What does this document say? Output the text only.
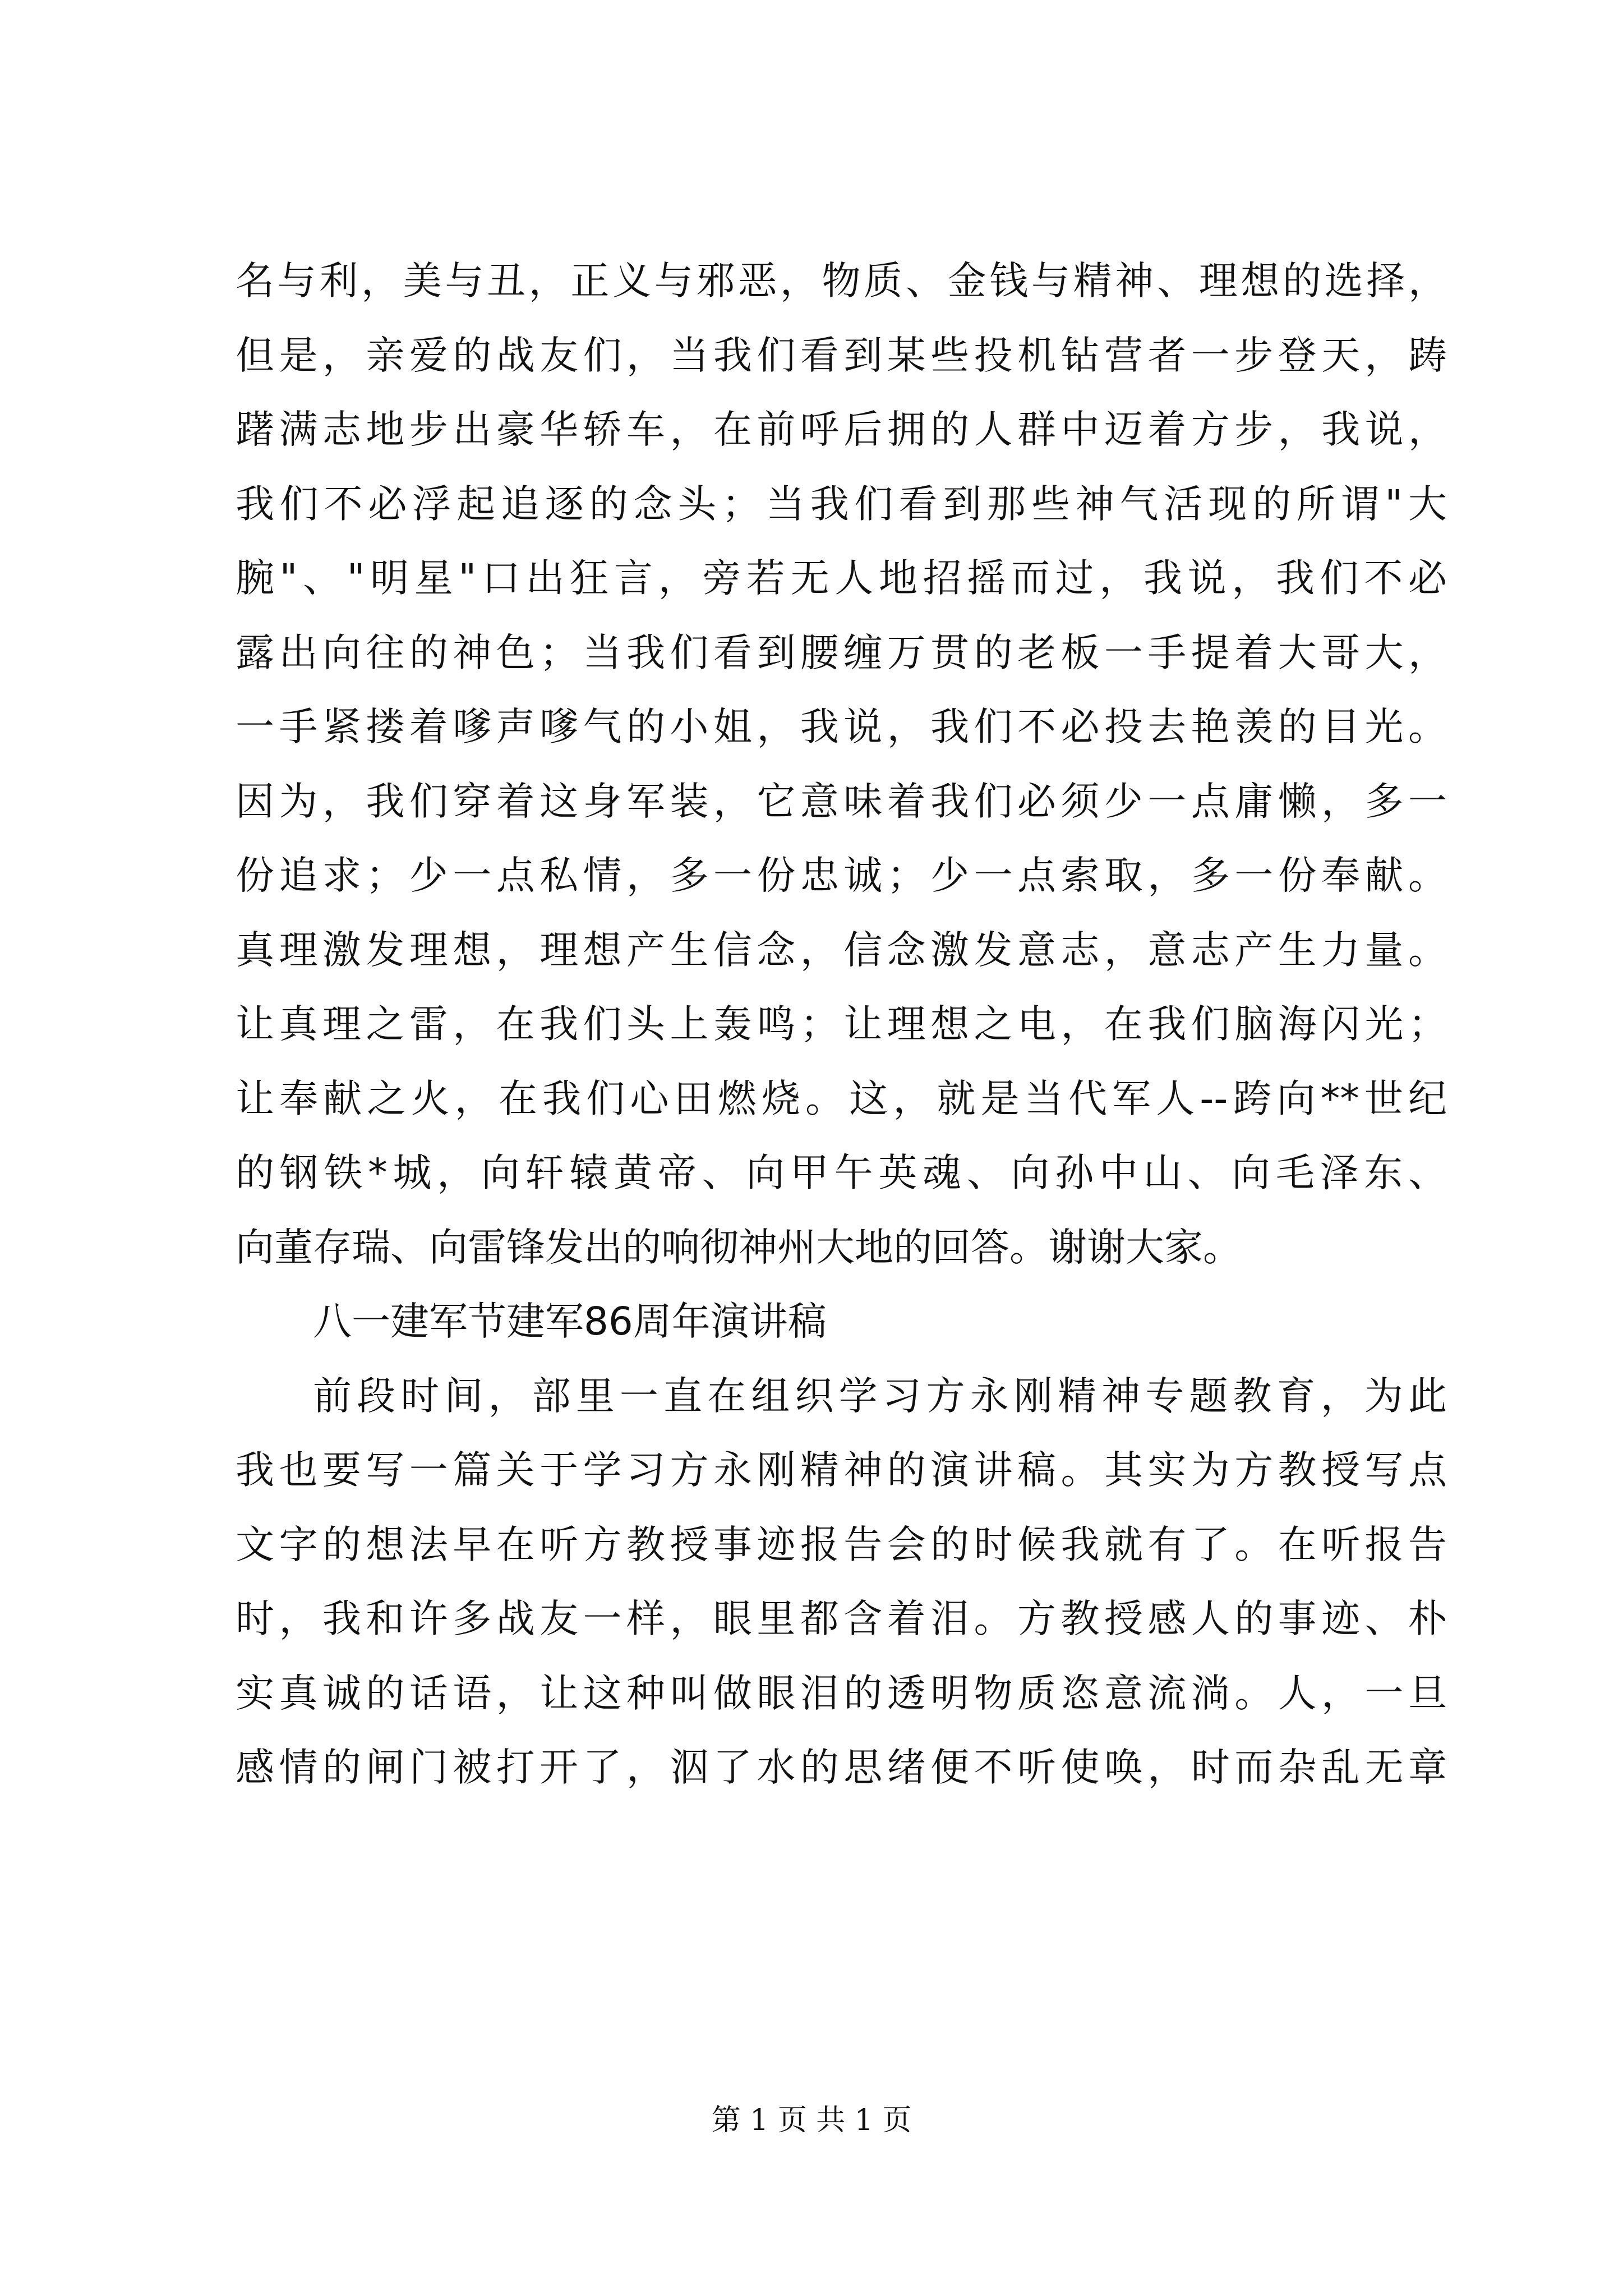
名与利，美与丑，正义与邪恶，物质、金钱与精神、理想的选择，
但是，亲爱的战友们，当我们看到某些投机钻营者一步登天，踌
躇满志地步出豪华轿车，在前呼后拥的人群中迈着方步，我说，
我们不必浮起追逐的念头；当我们看到那些神气活现的所谓"大
腕"、"明星"口出狂言，旁若无人地招摇而过，我说，我们不必
露出向往的神色；当我们看到腰缠万贯的老板一手提着大哥大，
一手紧搂着嗲声嗲气的小姐，我说，我们不必投去艳羡的目光。
因为，我们穿着这身军装，它意味着我们必须少一点庸懒，多一
份追求；少一点私情，多一份忠诚；少一点索取，多一份奉献。
真理激发理想，理想产生信念，信念激发意志，意志产生力量。
让真理之雷，在我们头上轰鸣；让理想之电，在我们脑海闪光；
让奉献之火，在我们心田燃烧。这，就是当代军人--跨向**世纪
的钢铁*城，向轩辕黄帝、向甲午英魂、向孙中山、向毛泽东、
向董存瑞、向雷锋发出的响彻神州大地的回答。谢谢大家。
八一建军节建军86周年演讲稿
前段时间，部里一直在组织学习方永刚精神专题教育，为此
我也要写一篇关于学习方永刚精神的演讲稿。其实为方教授写点
文字的想法早在听方教授事迹报告会的时候我就有了。在听报告
时，我和许多战友一样，眼里都含着泪。方教授感人的事迹、朴
实真诚的话语，让这种叫做眼泪的透明物质恣意流淌。人，一旦
感情的闸门被打开了，泅了水的思绪便不听使唤，时而杂乱无章
第 1 页 共 1 页
